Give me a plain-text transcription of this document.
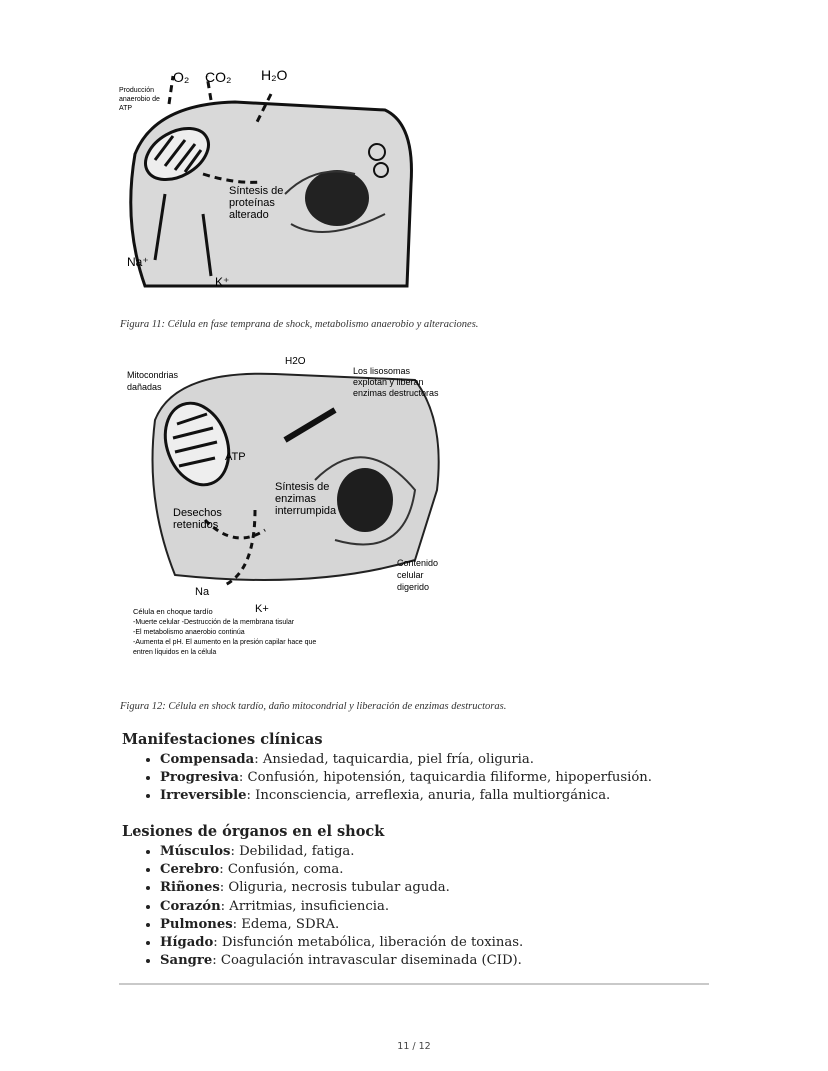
Producción
anaerobio de
ATP
O₂ CO₂ H₂O
Síntesis de
proteínas
alterado
Na⁺
K⁺
Figura 11: Célula en fase temprana de shock, metabolismo anaerobio y alteraciones.
Mitocondrias
dañadas
H2O
Los lisosomas
explotan y liberan
enzimas destructoras
ATP
Síntesis de
enzimas
interrumpida
Desechos
retenidos
Na
K+
Contenido
celular
digerido
Célula en choque tardío
-Muerte celular -Destrucción de la membrana tisular
-El metabolismo anaerobio continúa
-Aumenta el pH. El aumento en la presión capilar hace que
entren líquidos en la célula
Figura 12: Célula en shock tardío, daño mitocondrial y liberación de enzimas destructoras.
Manifestaciones clínicas
• Compensada: Ansiedad, taquicardia, piel fría, oliguria.
• Progresiva: Confusión, hipotensión, taquicardia filiforme, hipoperfusión.
• Irreversible: Inconsciencia, arreflexia, anuria, falla multiorgánica.
Lesiones de órganos en el shock
• Músculos: Debilidad, fatiga.
• Cerebro: Confusión, coma.
• Riñones: Oliguria, necrosis tubular aguda.
• Corazón: Arritmias, insuficiencia.
• Pulmones: Edema, SDRA.
• Hígado: Disfunción metabólica, liberación de toxinas.
• Sangre: Coagulación intravascular diseminada (CID).
11 / 12
